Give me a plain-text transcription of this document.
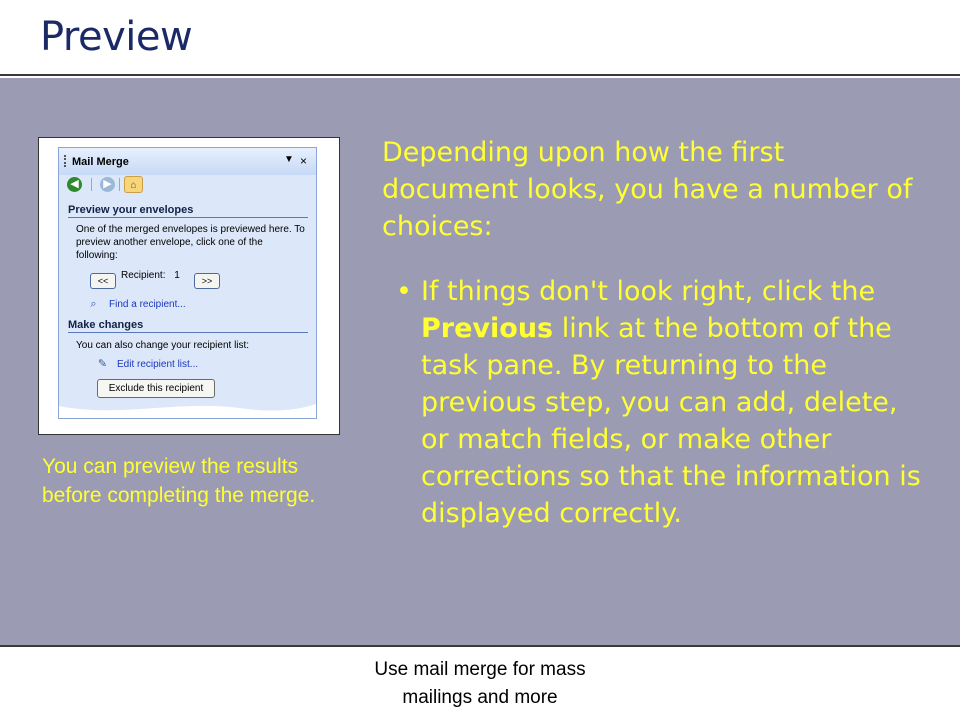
Preview
Mail Merge	▼ ×
◀ ▶	⌂
Preview your envelopes
One of the merged envelopes is previewed here. To preview another envelope, click one of the following:
<<	Recipient: 1	>>
⌕	Find a recipient...
Make changes
You can also change your recipient list:
✎ Edit recipient list...
Exclude this recipient
You can preview the results before completing the merge.

Depending upon how the first document looks, you have a number of choices:

• If things don't look right, click the Previous link at the bottom of the task pane. By returning to the previous step, you can add, delete, or match fields, or make other corrections so that the information is displayed correctly.
Use mail merge for mass
mailings and more
